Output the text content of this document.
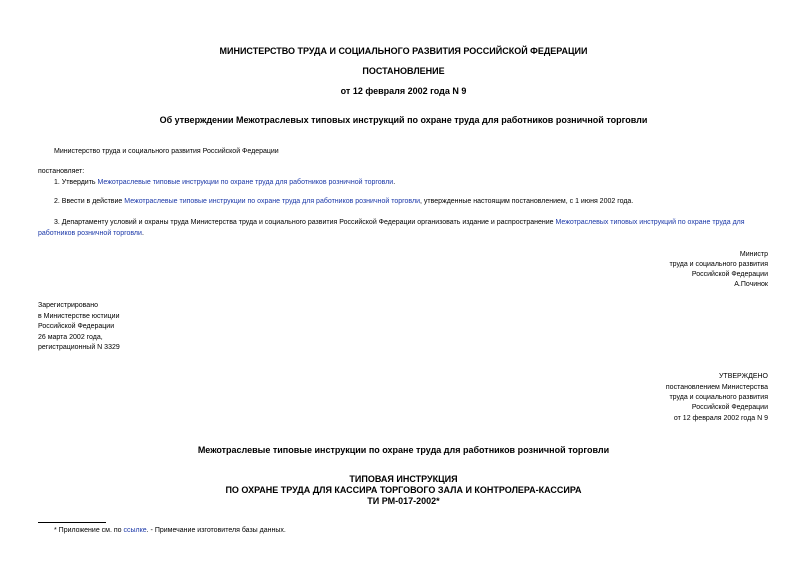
МИНИСТЕРСТВО ТРУДА И СОЦИАЛЬНОГО РАЗВИТИЯ РОССИЙСКОЙ ФЕДЕРАЦИИ
ПОСТАНОВЛЕНИЕ
от 12 февраля 2002 года N 9
Об утверждении Межотраслевых типовых инструкций по охране труда для работников розничной торговли
Министерство труда и социального развития Российской Федерации
постановляет:
1. Утвердить Межотраслевые типовые инструкции по охране труда для работников розничной торговли.
2. Ввести в действие Межотраслевые типовые инструкции по охране труда для работников розничной торговли, утвержденные настоящим постановлением, с 1 июня 2002 года.
3. Департаменту условий и охраны труда Министерства труда и социального развития Российской Федерации организовать издание и распространение Межотраслевых типовых инструкций по охране труда для
работников розничной торговли.
Министр
труда и социального развития
Российской Федерации
А.Починок
Зарегистрировано
в Министерстве юстиции
Российской Федерации
26 марта 2002 года,
регистрационный N 3329
УТВЕРЖДЕНО
постановлением Министерства
труда и социального развития
Российской Федерации
от 12 февраля 2002 года N 9
Межотраслевые типовые инструкции по охране труда для работников розничной торговли
ТИПОВАЯ ИНСТРУКЦИЯ
ПО ОХРАНЕ ТРУДА ДЛЯ КАССИРА ТОРГОВОГО ЗАЛА И КОНТРОЛЕРА-КАССИРА
ТИ РМ-017-2002*
* Приложение см. по ссылке. - Примечание изготовителя базы данных.
